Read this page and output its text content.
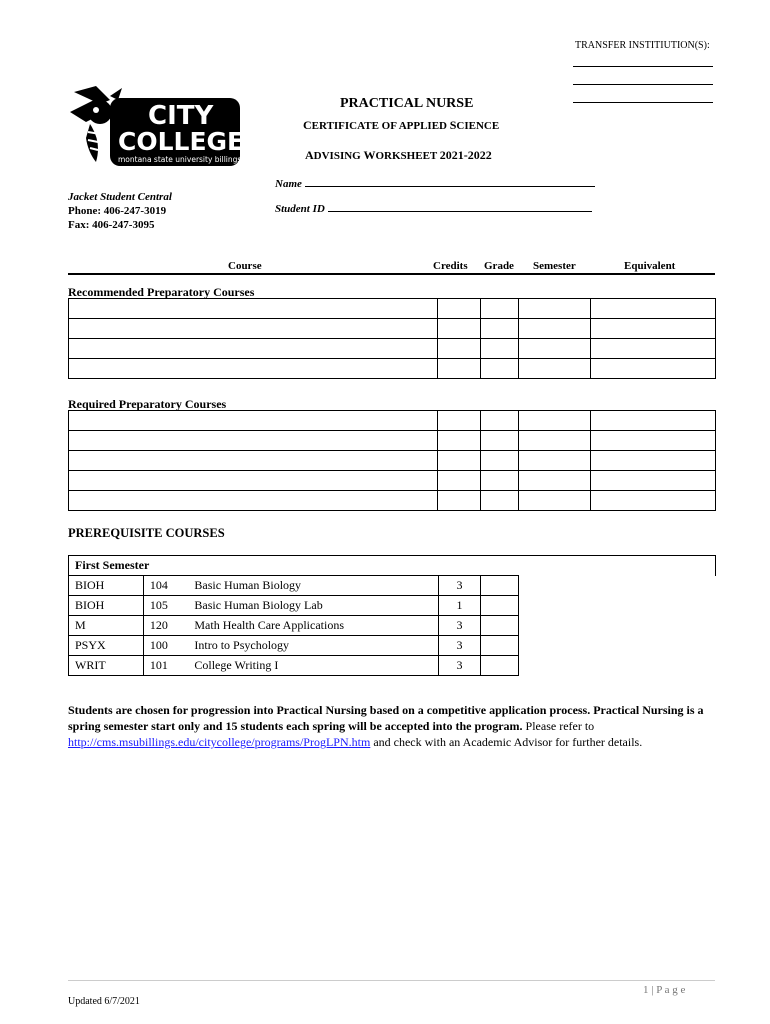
TRANSFER INSTITIUTION(S):
CITY
COLLEGE
montana state university billings
PRACTICAL NURSE
CERTIFICATE OF APPLIED SCIENCE
ADVISING WORKSHEET 2021-2022
Jacket Student Central
Phone: 406-247-3019
Fax: 406-247-3095
Name
Student ID
Course	Credits Grade Semester	Equivalent
Recommended Preparatory Courses

Required Preparatory Courses

PREREQUISITE COURSES
First Semester					
BIOH	104	Basic Human Biology	3		
BIOH	105	Basic Human Biology Lab	1		
M	120	Math Health Care Applications	3		
PSYX	100	Intro to Psychology	3		
WRIT	101	College Writing I	3		
Students are chosen for progression into Practical Nursing based on a competitive application process. Practical Nursing is a spring semester start only and 15 students each spring will be accepted into the program. Please refer to http://cms.msubillings.edu/citycollege/programs/ProgLPN.htm and check with an Academic Advisor for further details.
1 | P a g e
Updated 6/7/2021
